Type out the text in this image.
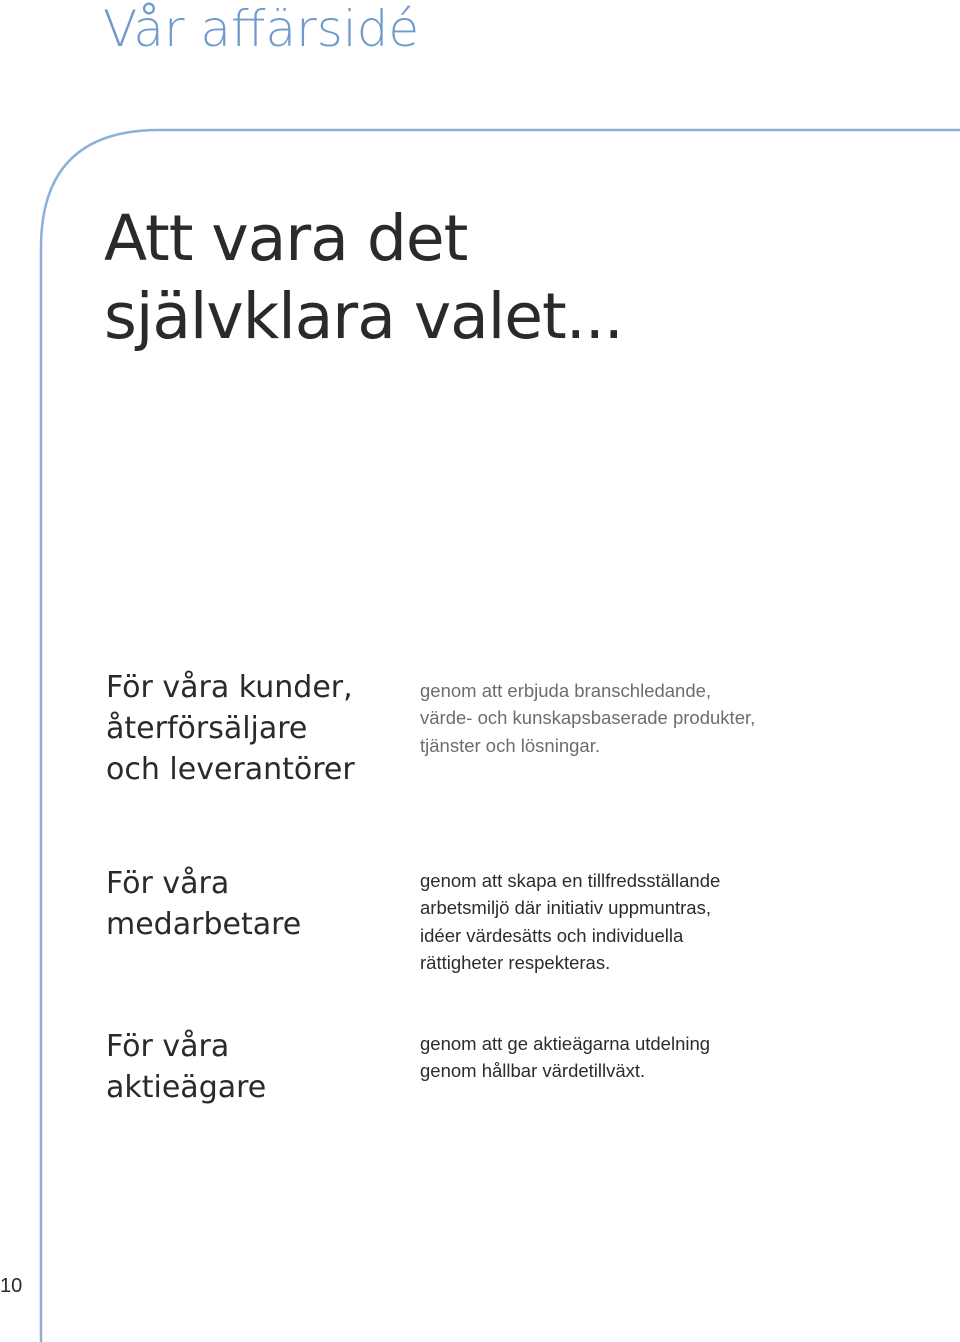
Vår affärsidé
Att vara det
självklara valet...
För våra kunder,
återförsäljare
och leverantörer

genom att erbjuda branschledande,
värde- och kunskapsbaserade produkter,
tjänster och lösningar.

För våra
medarbetare

genom att skapa en tillfredsställande
arbetsmiljö där initiativ uppmuntras,
idéer värdesätts och individuella
rättigheter respekteras.

För våra
aktieägare

genom att ge aktieägarna utdelning
genom hållbar värdetillväxt.

10
